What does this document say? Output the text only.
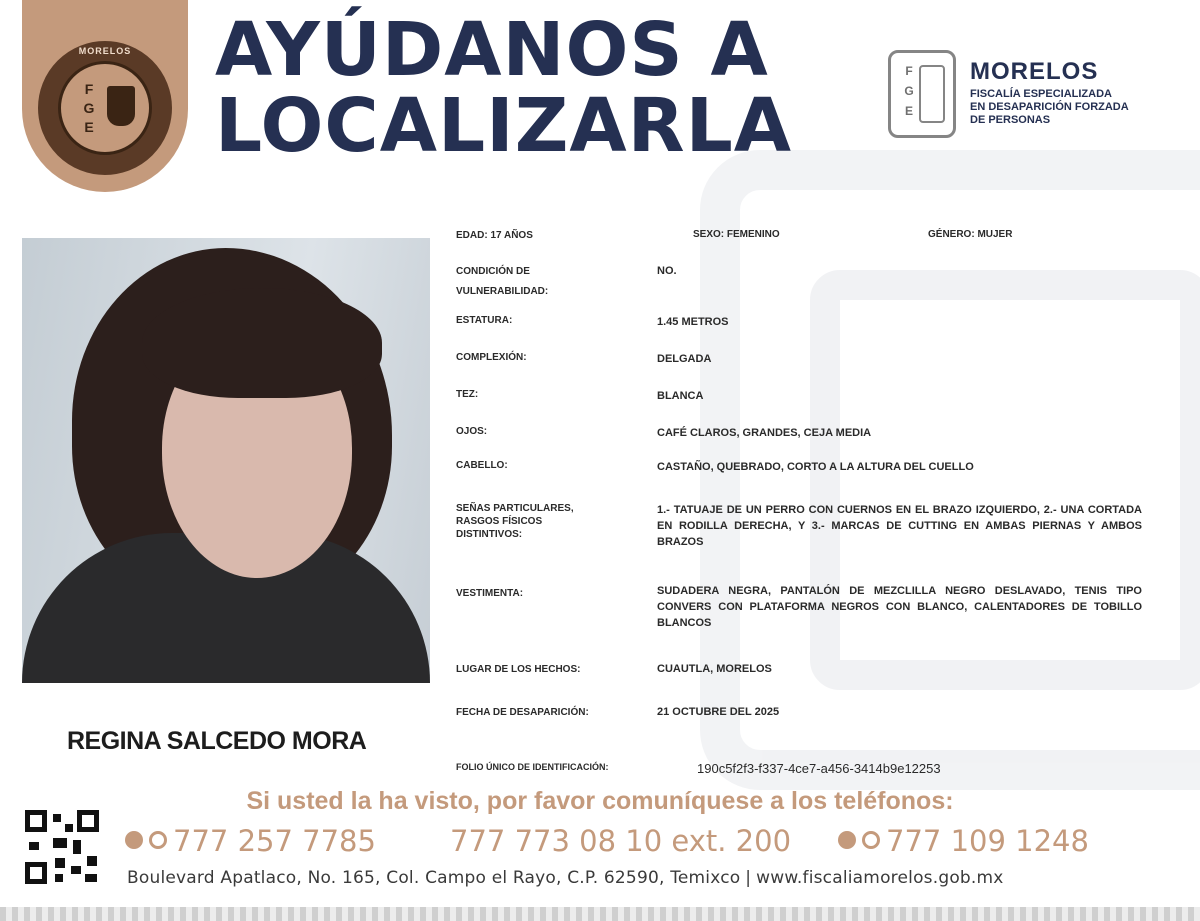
MORELOS
F
G
E
AYÚDANOS A
LOCALIZARLA
F
G
E
MORELOS
FISCALÍA ESPECIALIZADA
EN DESAPARICIÓN FORZADA
DE PERSONAS
REGINA SALCEDO MORA
EDAD: 17 AÑOS	SEXO: FEMENINO	GÉNERO: MUJER
CONDICIÓN DE VULNERABILIDAD:
NO.
ESTATURA:	1.45 METROS
COMPLEXIÓN:	DELGADA
TEZ:	BLANCA
OJOS:	CAFÉ CLAROS, GRANDES, CEJA MEDIA
CABELLO:	CASTAÑO, QUEBRADO, CORTO A LA ALTURA DEL CUELLO
SEÑAS PARTICULARES, RASGOS FÍSICOS DISTINTIVOS:
1.- TATUAJE DE UN PERRO CON CUERNOS EN EL BRAZO IZQUIERDO, 2.- UNA CORTADA EN RODILLA DERECHA, Y 3.- MARCAS DE CUTTING EN AMBAS PIERNAS Y AMBOS BRAZOS
VESTIMENTA:	SUDADERA NEGRA, PANTALÓN DE MEZCLILLA NEGRO DESLAVADO, TENIS TIPO CONVERS CON PLATAFORMA NEGROS CON BLANCO, CALENTADORES DE TOBILLO BLANCOS
LUGAR DE LOS HECHOS:	CUAUTLA, MORELOS
FECHA DE DESAPARICIÓN:	21 OCTUBRE DEL 2025
FOLIO ÚNICO DE IDENTIFICACIÓN:	190c5f2f3-f337-4ce7-a456-3414b9e12253

Si usted la ha visto, por favor comuníquese a los teléfonos:

777 257 7785	777 773 08 10 ext. 200	777 109 1248
Boulevard Apatlaco, No. 165, Col. Campo el Rayo, C.P. 62590, Temixco | www.fiscaliamorelos.gob.mx
